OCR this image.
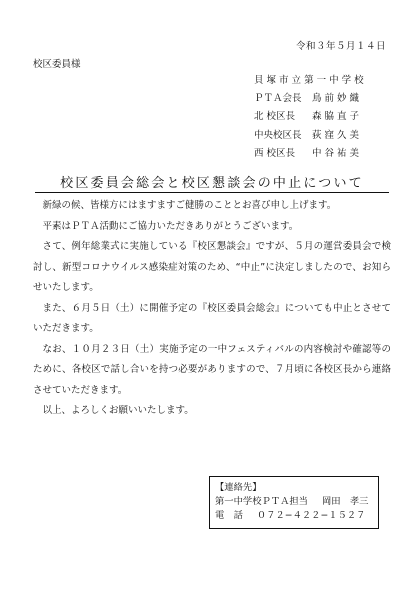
令和３年５月１４日
校区委員様
貝 塚 市 立 第 一 中 学 校
ＰＴＡ会長	鳥 前 妙 織
北 校区長	森 脇 直 子
中央校区長	荻 窪 久 美
西 校区長	中 谷 祐 美
校区委員会総会と校区懇談会の中止について

新緑の候、皆様方にはますますご健勝のこととお喜び申し上げます。

平素はＰＴＡ活動にご協力いただきありがとうございます。

さて、例年総業式に実施している『校区懇談会』ですが、５月の運営委員会で検討し、新型コロナウイルス感染症対策のため、“中止”に決定しましたので、お知らせいたします。

また、６月５日（土）に開催予定の『校区委員会総会』についても中止とさせていただきます。

なお、１０月２３日（土）実施予定の一中フェスティバルの内容検討や確認等のために、各校区で話し合いを持つ必要がありますので、７月頃に各校区長から連絡させていただきます。

以上、よろしくお願いいたします。

【連絡先】
第一中学校ＰＴＡ担当 岡田　孝三
電　話 ０７２−４２２−１５２７
